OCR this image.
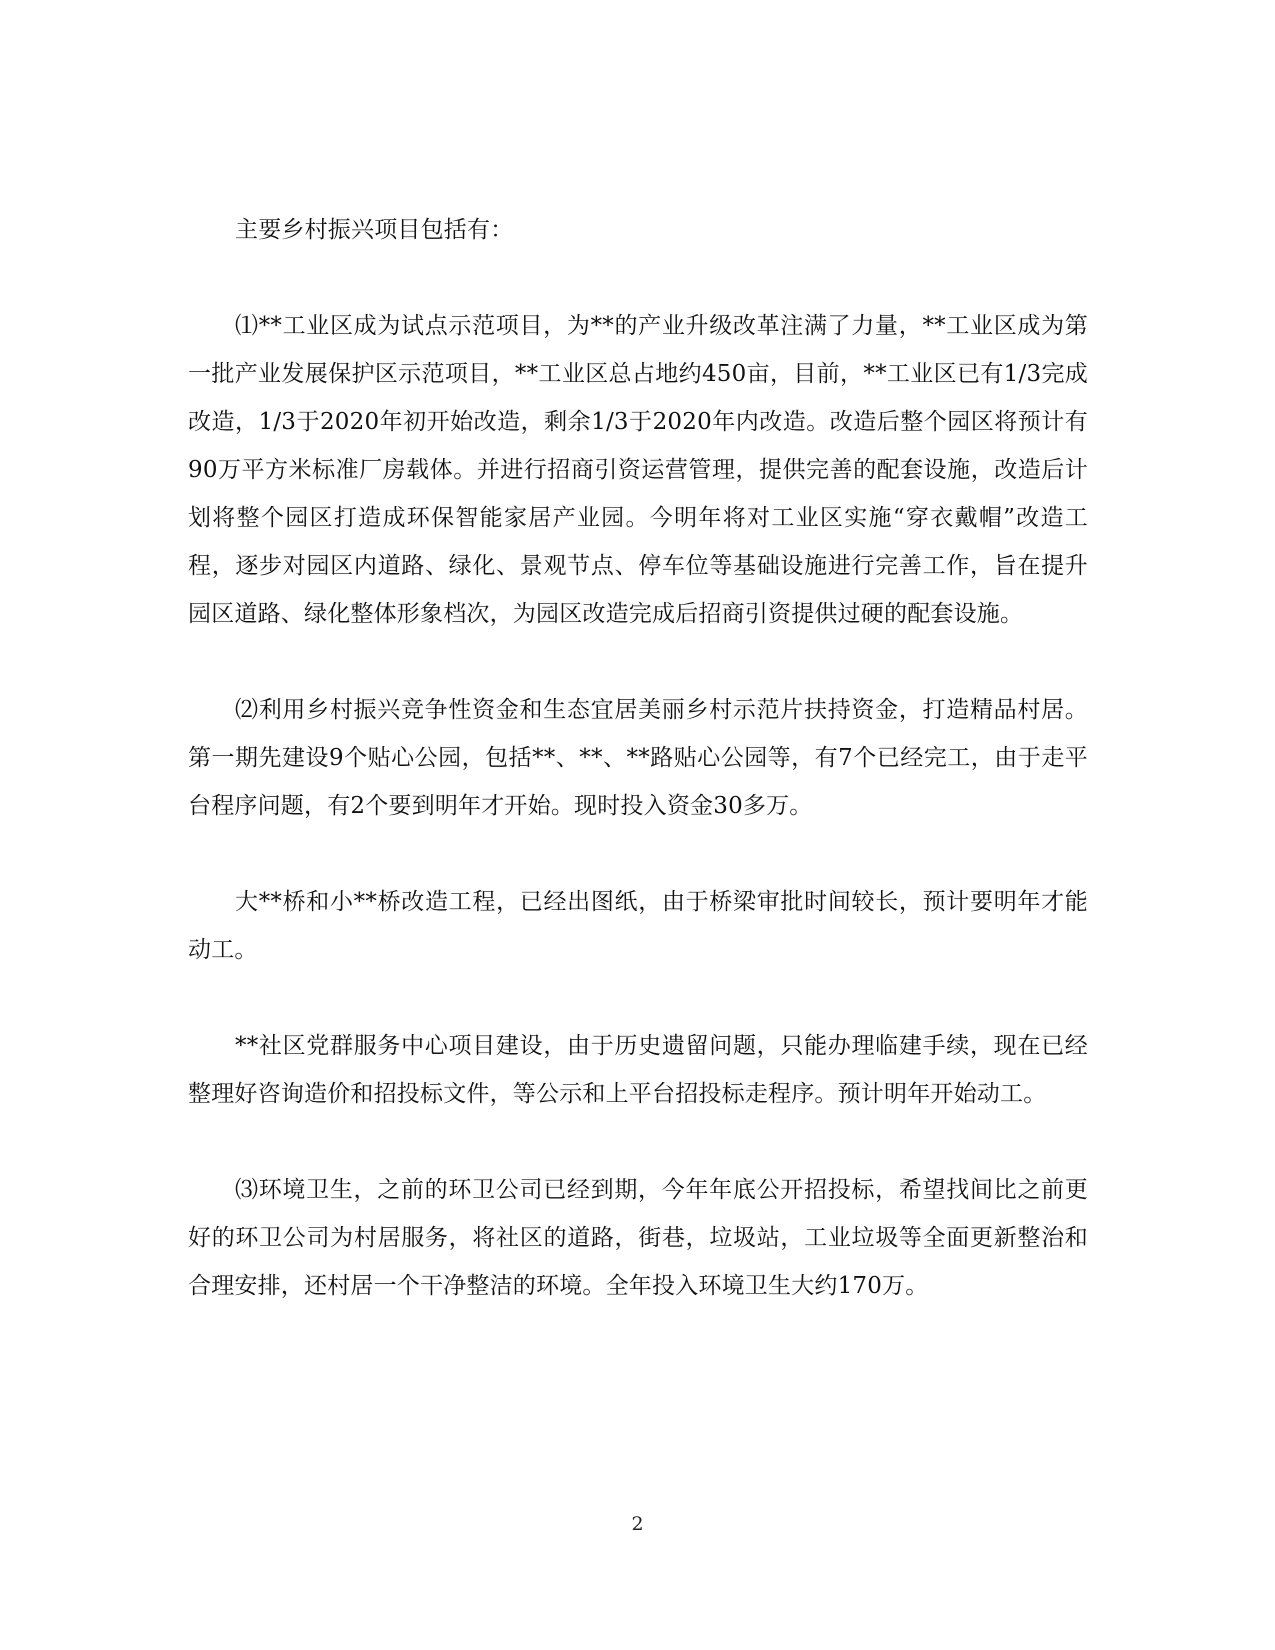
主要乡村振兴项目包括有：

⑴**工业区成为试点示范项目，为**的产业升级改革注满了力量，**工业区成为第一批产业发展保护区示范项目，**工业区总占地约450亩，目前，**工业区已有1/3完成改造，1/3于2020年初开始改造，剩余1/3于2020年内改造。改造后整个园区将预计有90万平方米标准厂房载体。并进行招商引资运营管理，提供完善的配套设施，改造后计划将整个园区打造成环保智能家居产业园。今明年将对工业区实施“穿衣戴帽”改造工程，逐步对园区内道路、绿化、景观节点、停车位等基础设施进行完善工作，旨在提升园区道路、绿化整体形象档次，为园区改造完成后招商引资提供过硬的配套设施。

⑵利用乡村振兴竞争性资金和生态宜居美丽乡村示范片扶持资金，打造精品村居。第一期先建设9个贴心公园，包括**、**、**路贴心公园等，有7个已经完工，由于走平台程序问题，有2个要到明年才开始。现时投入资金30多万。

大**桥和小**桥改造工程，已经出图纸，由于桥梁审批时间较长，预计要明年才能动工。

**社区党群服务中心项目建设，由于历史遗留问题，只能办理临建手续，现在已经整理好咨询造价和招投标文件，等公示和上平台招投标走程序。预计明年开始动工。

⑶环境卫生，之前的环卫公司已经到期，今年年底公开招投标，希望找间比之前更好的环卫公司为村居服务，将社区的道路，街巷，垃圾站，工业垃圾等全面更新整治和合理安排，还村居一个干净整洁的环境。全年投入环境卫生大约170万。

2
